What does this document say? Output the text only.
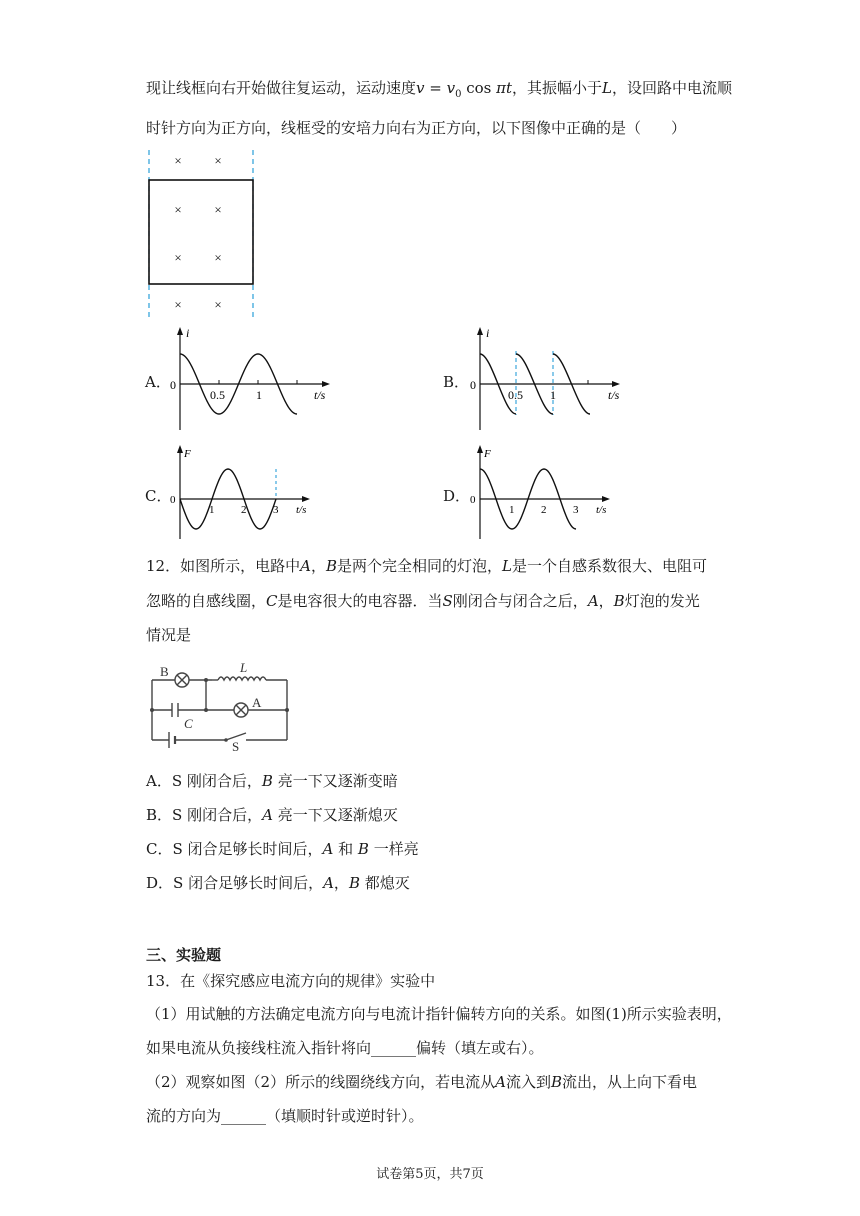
现让线框向右开始做往复运动，运动速度$v = v_0$ cos πt，其振幅小于L，设回路中电流顺
时针方向为正方向，线框受的安培力向右为正方向，以下图像中正确的是（　　）
×	×
×	×
×	×
×	×
A．
i
0
0.5	1	t/s
B．
i
0
0.5 1	t/s
C．
F
0
1 2 3 t/s
D．
F
0
1 2 3 t/s
12．如图所示，电路中A，B是两个完全相同的灯泡，L是一个自感系数很大、电阻可
忽略的自感线圈，C是电容很大的电容器．当S刚闭合与闭合之后，A，B灯泡的发光
情况是
B	L
A
C
S
A．S 刚闭合后，B 亮一下又逐渐变暗
B．S 刚闭合后，A 亮一下又逐渐熄灭
C．S 闭合足够长时间后，A 和 B 一样亮
D．S 闭合足够长时间后，A，B 都熄灭
三、实验题
13．在《探究感应电流方向的规律》实验中
（1）用试触的方法确定电流方向与电流计指针偏转方向的关系。如图(1)所示实验表明，
如果电流从负接线柱流入指针将向______偏转（填左或右）。
（2）观察如图（2）所示的线圈绕线方向，若电流从A流入到B流出，从上向下看电
流的方向为______（填顺时针或逆时针）。
试卷第5页，共7页
